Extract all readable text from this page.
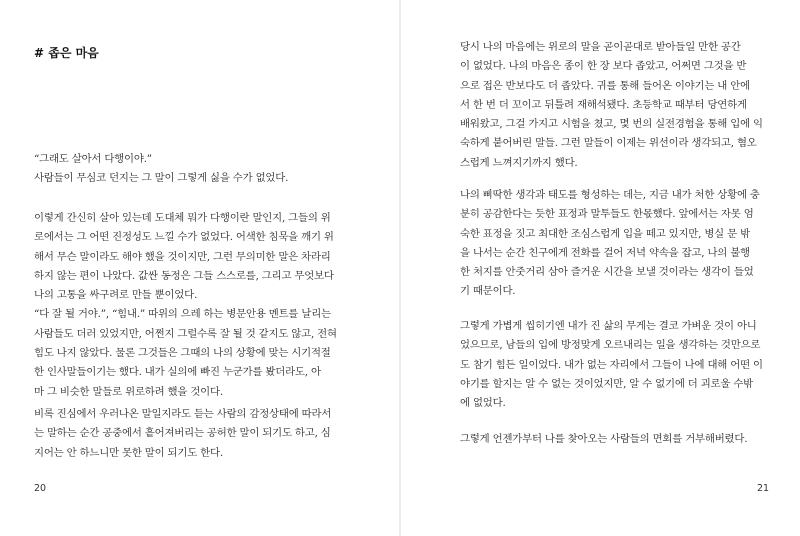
# 좁은 마음

“그래도 살아서 다행이야.”

사람들이 무심코 던지는 그 말이 그렇게 싫을 수가 없었다.

이렇게 간신히 살아 있는데 도대체 뭐가 다행이란 말인지, 그들의 위

로에서는 그 어떤 진정성도 느낄 수가 없었다. 어색한 침묵을 깨기 위

해서 무슨 말이라도 해야 했을 것이지만, 그런 무의미한 말은 차라리

하지 않는 편이 나았다. 값싼 동정은 그들 스스로를, 그리고 무엇보다

나의 고통을 싸구려로 만들 뿐이었다.

“다 잘 될 거야.”, “힘내.” 따위의 으레 하는 병문안용 멘트를 날리는

사람들도 더러 있었지만, 어쩐지 그럴수록 잘 될 것 같지도 않고, 전혀

힘도 나지 않았다. 물론 그것들은 그때의 나의 상황에 맞는 시기적절

한 인사말들이기는 했다. 내가 실의에 빠진 누군가를 봤더라도, 아

마 그 비슷한 말들로 위로하려 했을 것이다.

비록 진심에서 우러나온 말일지라도 듣는 사람의 감정상태에 따라서

는 말하는 순간 공중에서 흩어져버리는 공허한 말이 되기도 하고, 심

지어는 안 하느니만 못한 말이 되기도 한다.

20

당시 나의 마음에는 위로의 말을 곧이곧대로 받아들일 만한 공간

이 없었다. 나의 마음은 종이 한 장 보다 좁았고, 어쩌면 그것을 반

으로 접은 반보다도 더 좁았다. 귀를 통해 들어온 이야기는 내 안에

서 한 번 더 꼬이고 뒤틀려 재해석됐다. 초등학교 때부터 당연하게

배워왔고, 그걸 가지고 시험을 쳤고, 몇 번의 실전경험을 통해 입에 익

숙하게 붙어버린 말들. 그런 말들이 이제는 위선이라 생각되고, 혐오

스럽게 느껴지기까지 했다.

나의 삐딱한 생각과 태도를 형성하는 데는, 지금 내가 처한 상황에 충

분히 공감한다는 듯한 표정과 말투들도 한몫했다. 앞에서는 자못 엄

숙한 표정을 짓고 최대한 조심스럽게 입을 떼고 있지만, 병실 문 밖

을 나서는 순간 친구에게 전화를 걸어 저녁 약속을 잡고, 나의 불행

한 처지를 안줏거리 삼아 즐거운 시간을 보낼 것이라는 생각이 들었

기 때문이다.

그렇게 가볍게 씹히기엔 내가 진 삶의 무게는 결코 가벼운 것이 아니

었으므로, 남들의 입에 방정맞게 오르내리는 일을 생각하는 것만으로

도 참기 힘든 일이었다. 내가 없는 자리에서 그들이 나에 대해 어떤 이

야기를 할지는 알 수 없는 것이었지만, 알 수 없기에 더 괴로울 수밖

에 없었다.

그렇게 언젠가부터 나를 찾아오는 사람들의 면회를 거부해버렸다.

21
